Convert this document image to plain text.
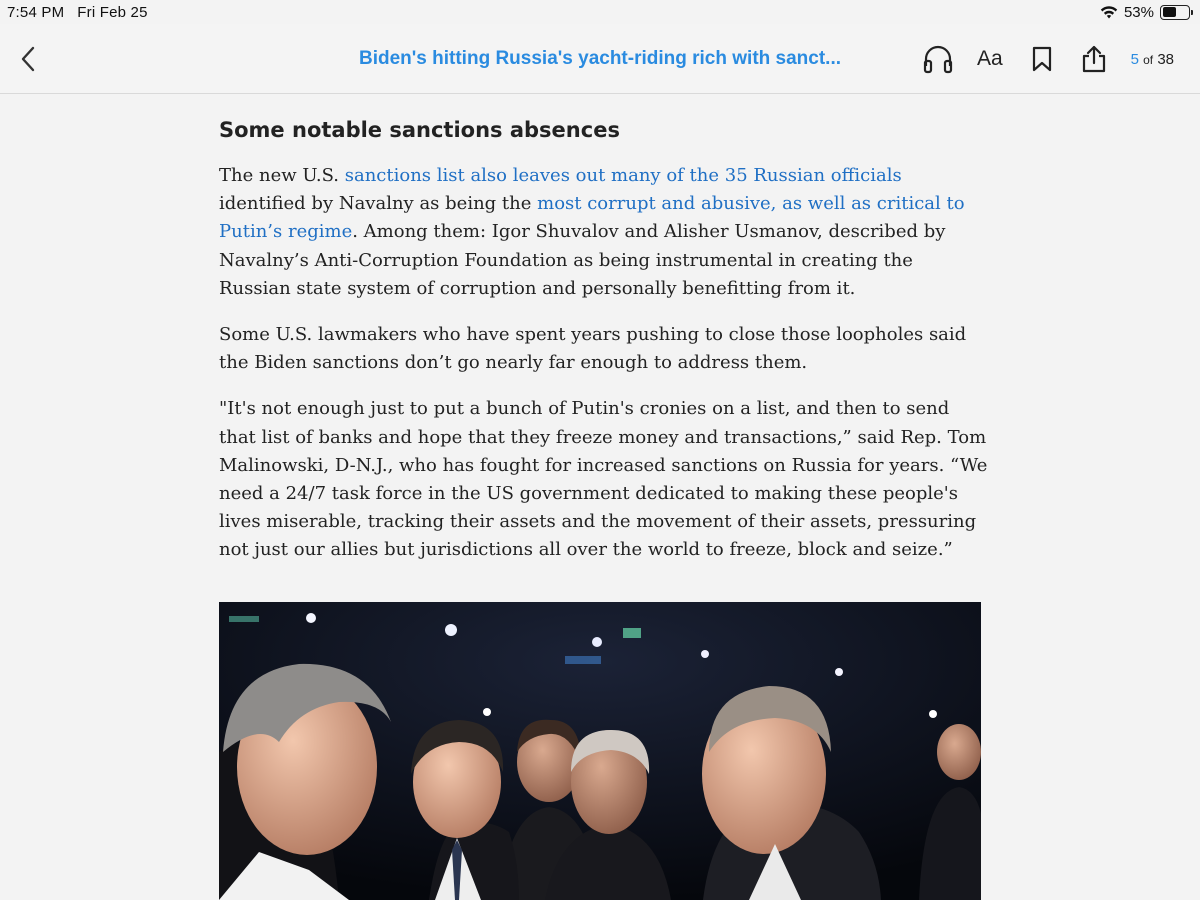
7:54 PM Fri Feb 25	53%
Biden's hitting Russia's yacht-riding rich with sanct...	Aa	5 of 38
Some notable sanctions absences

The new U.S. sanctions list also leaves out many of the 35 Russian officials identified by Navalny as being the most corrupt and abusive, as well as critical to Putin’s regime. Among them: Igor Shuvalov and Alisher Usmanov, described by Navalny’s Anti-Corruption Foundation as being instrumental in creating the Russian state system of corruption and personally benefitting from it.

Some U.S. lawmakers who have spent years pushing to close those loopholes said the Biden sanctions don’t go nearly far enough to address them.

"It's not enough just to put a bunch of Putin's cronies on a list, and then to send that list of banks and hope that they freeze money and transactions,” said Rep. Tom Malinowski, D-N.J., who has fought for increased sanctions on Russia for years. “We need a 24/7 task force in the US government dedicated to making these people's lives miserable, tracking their assets and the movement of their assets, pressuring not just our allies but jurisdictions all over the world to freeze, block and seize.”
